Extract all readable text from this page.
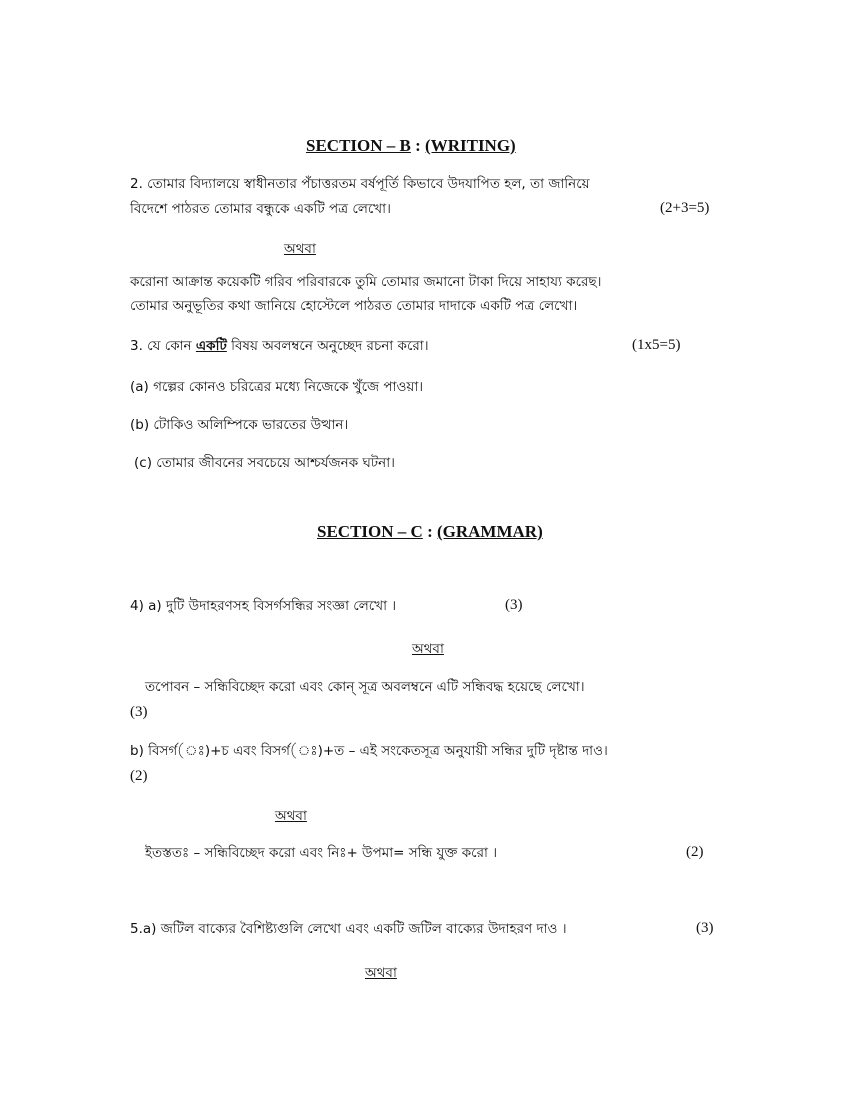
SECTION – B : (WRITING)
2. তোমার বিদ্যালয়ে স্বাধীনতার পঁচাত্তরতম বর্ষপূর্তি কিভাবে উদযাপিত হল, তা জানিয়ে
বিদেশে পাঠরত তোমার বন্ধুকে একটি পত্র লেখো।	(2+3=5)
অথবা
করোনা আক্রান্ত কয়েকটি গরিব পরিবারকে তুমি তোমার জমানো টাকা দিয়ে সাহায্য করেছ।
তোমার অনুভূতির কথা জানিয়ে হোস্টেলে পাঠরত তোমার দাদাকে একটি পত্র লেখো।
3. যে কোন একটি বিষয় অবলম্বনে অনুচ্ছেদ রচনা করো।	(1x5=5)
(a) গল্পের কোনও চরিত্রের মধ্যে নিজেকে খুঁজে পাওয়া।
(b) টোকিও অলিম্পিকে ভারতের উত্থান।
(c) তোমার জীবনের সবচেয়ে আশ্চর্যজনক ঘটনা।
SECTION – C : (GRAMMAR)
4) a) দুটি উদাহরণসহ বিসর্গসন্ধির সংজ্ঞা লেখো ।	(3)
অথবা
তপোবন – সন্ধিবিচ্ছেদ করো এবং কোন্ সূত্র অবলম্বনে এটি সন্ধিবদ্ধ হয়েছে লেখো।
(3)
b) বিসর্গ(ঃ)+চ এবং বিসর্গ(ঃ)+ত – এই সংকেতসূত্র অনুযায়ী সন্ধির দুটি দৃষ্টান্ত দাও।
(2)
অথবা
ইতস্ততঃ – সন্ধিবিচ্ছেদ করো এবং নিঃ+ উপমা= সন্ধি যুক্ত করো ।	(2)
5.a) জটিল বাক্যের বৈশিষ্ট্যগুলি লেখো এবং একটি জটিল বাক্যের উদাহরণ দাও ।	(3)
অথবা
